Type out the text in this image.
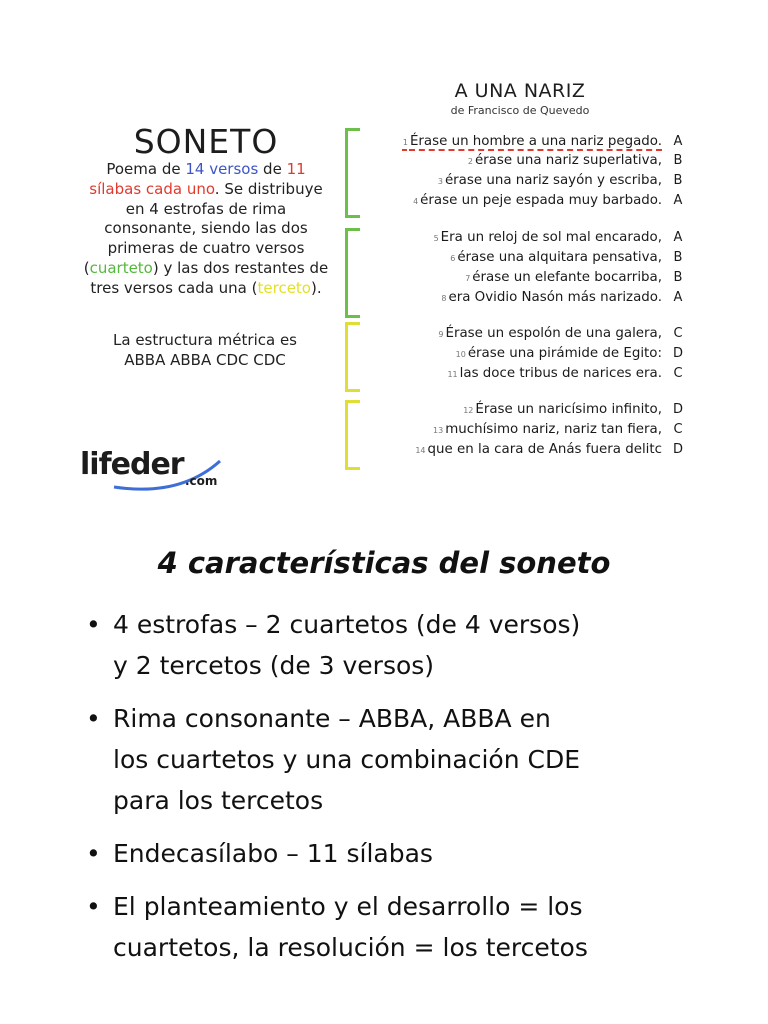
SONETO
Poema de 14 versos de 11 sílabas cada uno. Se distribuye en 4 estrofas de rima consonante, siendo las dos primeras de cuatro versos (cuarteto) y las dos restantes de tres versos cada una (terceto).
La estructura métrica es
ABBA ABBA CDC CDC
lifeder .com
A UNA NARIZ
de Francisco de Quevedo
1 Érase un hombre a una nariz pegado. A
2 érase una nariz superlativa, B
3 érase una nariz sayón y escriba, B
4 érase un peje espada muy barbado. A
5 Era un reloj de sol mal encarado, A
6 érase una alquitara pensativa, B
7 érase un elefante bocarriba, B
8 era Ovidio Nasón más narizado. A
9 Érase un espolón de una galera, C
10 érase una pirámide de Egito: D
11 las doce tribus de narices era. C
12 Érase un naricísimo infinito, D
13 muchísimo nariz, nariz tan fiera, C
14 que en la cara de Anás fuera delitc D
4 características del soneto
• 4 estrofas – 2 cuartetos (de 4 versos)
y 2 tercetos (de 3 versos)
• Rima consonante – ABBA, ABBA en
los cuartetos y una combinación CDE
para los tercetos
• Endecasílabo – 11 sílabas
• El planteamiento y el desarrollo = los
cuartetos, la resolución = los tercetos
